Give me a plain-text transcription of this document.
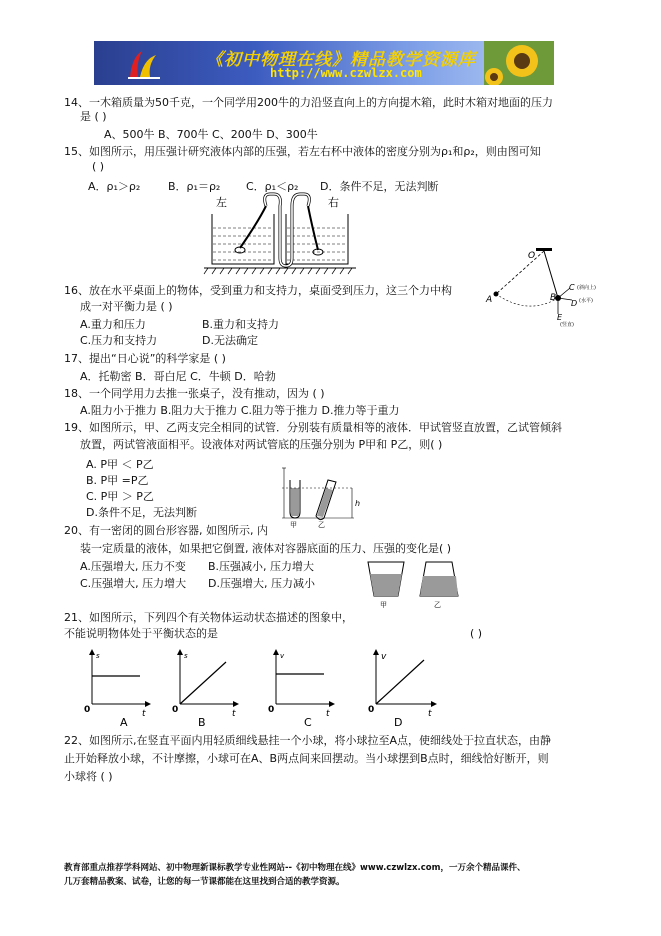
《初中物理在线》精品教学资源库
http://www.czwlzx.com
14、一木箱质量为50千克，一个同学用200牛的力沿竖直向上的方向提木箱，此时木箱对地面的压力
是 ( )
A、500牛 B、700牛 C、200牛 D、300牛
15、如图所示，用压强计研究液体内部的压强，若左右杯中液体的密度分别为ρ₁和ρ₂，则由图可知
( )
A．ρ₁＞ρ₂	B．ρ₁＝ρ₂ C．ρ₁＜ρ₂ D．条件不足，无法判断
左	右
O
A	B
C (斜向上)
D (水平)
E
(竖直)
16、放在水平桌面上的物体，受到重力和支持力，桌面受到压力，这三个力中构
成一对平衡力是 ( )
A.重力和压力	B.重力和支持力
C.压力和支持力	D.无法确定
17、提出“日心说”的科学家是 ( )
A．托勒密 B．哥白尼 C．牛顿 D．哈勃
18、一个同学用力去推一张桌子，没有推动，因为 ( )
A.阻力小于推力 B.阻力大于推力 C.阻力等于推力 D.推力等于重力
19、如图所示，甲、乙两支完全相同的试管．分别装有质量相等的液体．甲试管竖直放置，乙试管倾斜
放置，两试管液面相平。设液体对两试管底的压强分别为 P甲和 P乙，则( )
A. P甲 ＜ P乙
B. P甲 =P乙
C. P甲 ＞ P乙
D.条件不足，无法判断
h
甲	乙
20、有一密闭的圆台形容器, 如图所示, 内
装一定质量的液体，如果把它倒置, 液体对容器底面的压力、压强的变化是( )
A.压强增大, 压力不变 B.压强减小, 压力增大
C.压强增大, 压力增大 D.压强增大, 压力减小
甲	乙
21、如图所示，下列四个有关物体运动状态描述的图象中，
不能说明物体处于平衡状态的是	( )
s
t
0
A
s
t
0
B
v
t
0
C
v
t
0
D
22、如图所示,在竖直平面内用轻质细线悬挂一个小球，将小球拉至A点，使细线处于拉直状态，由静
止开始释放小球，不计摩擦，小球可在A、B两点间来回摆动。当小球摆到B点时，细线恰好断开，则
小球将 ( )
教育部重点推荐学科网站、初中物理新课标教学专业性网站--《初中物理在线》www.czwlzx.com，一万余个精品课件、
几万套精品教案、试卷，让您的每一节课都能在这里找到合适的教学资源。
